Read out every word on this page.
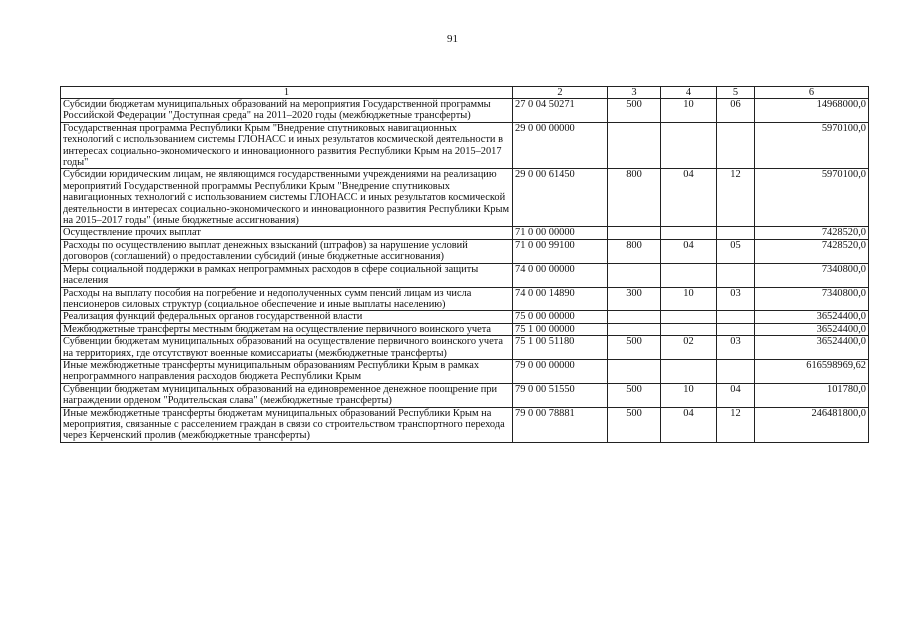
91
1	2	3	4	5	6
Субсидии бюджетам муниципальных образований на мероприятия Государственной программы Российской Федерации "Доступная среда" на 2011–2020 годы (межбюджетные трансферты)	27 0 04 50271	500	10	06	14968000,0
Государственная программа Республики Крым "Внедрение спутниковых навигационных технологий с использованием системы ГЛОНАСС и иных результатов космической деятельности в интересах социально-экономического и инновационного развития Республики Крым на 2015–2017 годы"	29 0 00 00000				5970100,0
Субсидии юридическим лицам, не являющимся государственными учреждениями на реализацию мероприятий Государственной программы Республики Крым "Внедрение спутниковых навигационных технологий с использованием системы ГЛОНАСС и иных результатов космической деятельности в интересах социально-экономического и инновационного развития Республики Крым на 2015–2017 годы" (иные бюджетные ассигнования)	29 0 00 61450	800	04	12	5970100,0
Осуществление прочих выплат	71 0 00 00000				7428520,0
Расходы по осуществлению выплат денежных взысканий (штрафов) за нарушение условий договоров (соглашений) о предоставлении субсидий (иные бюджетные ассигнования)	71 0 00 99100	800	04	05	7428520,0
Меры социальной поддержки в рамках непрограммных расходов в сфере социальной защиты населения	74 0 00 00000				7340800,0
Расходы на выплату пособия на погребение и недополученных сумм пенсий лицам из числа пенсионеров силовых структур (социальное обеспечение и иные выплаты населению)	74 0 00 14890	300	10	03	7340800,0
Реализация функций федеральных органов государственной власти	75 0 00 00000				36524400,0
Межбюджетные трансферты местным бюджетам на осуществление первичного воинского учета	75 1 00 00000				36524400,0
Субвенции бюджетам муниципальных образований на осуществление первичного воинского учета на территориях, где отсутствуют военные комиссариаты (межбюджетные трансферты)	75 1 00 51180	500	02	03	36524400,0
Иные межбюджетные трансферты муниципальным образованиям Республики Крым в рамках непрограммного направления расходов бюджета Республики Крым	79 0 00 00000				616598969,62
Субвенции бюджетам муниципальных образований на единовременное денежное поощрение при награждении орденом "Родительская слава" (межбюджетные трансферты)	79 0 00 51550	500	10	04	101780,0
Иные межбюджетные трансферты бюджетам муниципальных образований Республики Крым на мероприятия, связанные с расселением граждан в связи со строительством транспортного перехода через Керченский пролив (межбюджетные трансферты)	79 0 00 78881	500	04	12	246481800,0
